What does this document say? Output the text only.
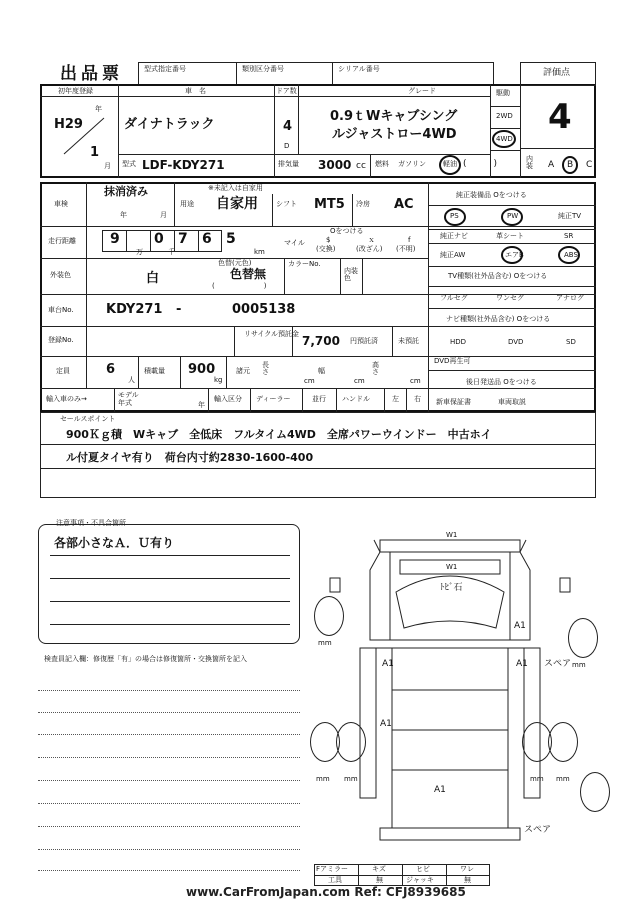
出品票	型式指定番号	類別区分番号	シリアル番号	評価点
4
初年度登録
年
H29
1
月
車　名
ダイナトラック
ドア数
4
D
グレード
0.9ｔWキャブシング
ルジャストロー4WD
駆動
2WD
4WD
型式 LDF-KDY271	排気量 3000 cc 燃料 ガソリン 軽油 (　　　)	内装	A B C
車検
抹消済み
年	月
用途
※未記入は自家用
自家用	シフト MT5 冷房 AC
走行距離 9 0 7 6 5
万	千	km
マイル
Oをつける
$
(交換)
ｘ
(改ざん)
f
(不明)
外装色	白
色替(元色)
色替無
(　　　　　　　)
カラーNo.
内装色
車台No. KDY271 -	0005138
登録No.
リサイクル預託金 7,700 円預託済	未預託
定員	6
人
積載量 900
kg
諸元
長さ
cm
幅
cm
高さ
cm
輸入車のみ→	モデル年式	年
輸入区分 ディーラー	並行 ハンドル	左 右
純正装備品 Oをつける
PS	PW	純正TV
純正ナビ	革シート	SR
純正AW	エアB	ABS
TV種類(社外品含む) Oをつける
フルセグ	ワンセグ	アナログ
ナビ種類(社外品含む) Oをつける
HDD	DVD	SD
DVD再生可
後日発送品 Oをつける
新車保証書	車両取説
セールスポイント
900Ｋｇ積　Wキャブ　全低床　フルタイム4WD　全席パワーウインドー　中古ホイ
ル付夏タイヤ有り　荷台内寸約2830-1600-400
注意事項・不具合箇所
各部小さなＡ．Ｕ有り
検査員記入欄：修復歴「有」の場合は修復箇所・交換箇所を記入
W1
W1
ﾄﾋﾞ石
A1
A1
A1
A1
A1
スペア
スペア
mm
mm
mm mm	mm mm
Fアミラー	キズ	ヒビ	ワレ
工具	無	ジャッキ	無
www.CarFromJapan.com Ref: CFJ8939685
